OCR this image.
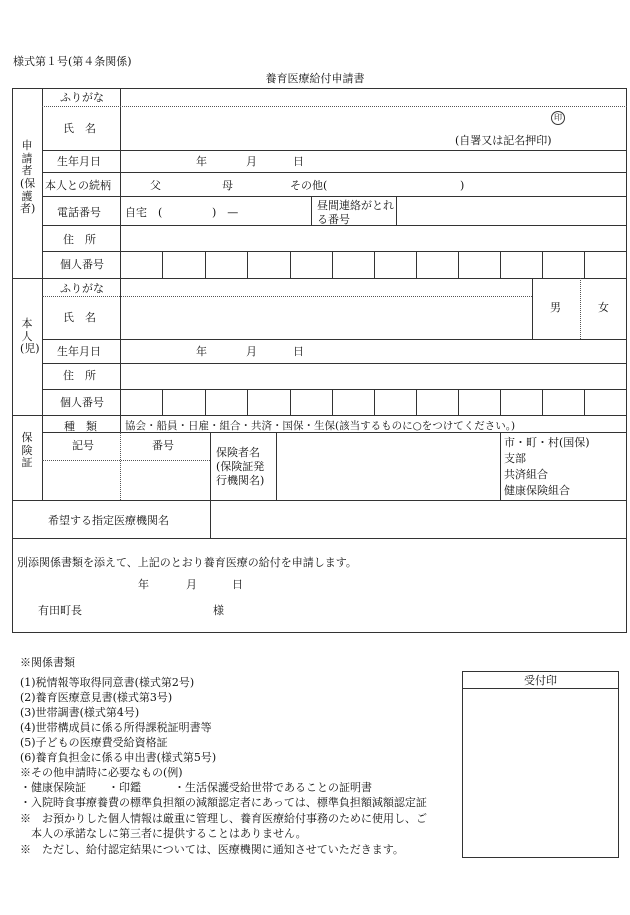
様式第１号(第４条関係)
養育医療給付申請書
申請者(保護者)
ふりがな
氏　名
印
(自署又は記名押印)
生年月日	年	月	日
本人との続柄	父	母	その他(	)
電話番号 自宅　(	)　—
昼間連絡がとれる番号
住　所
個人番号
本人(児)
ふりがな
氏　名
男	女
生年月日	年	月	日
住　所
個人番号
保険証
種　類	協会・船員・日雇・組合・共済・国保・生保(該当するものに○をつけてください。)
記号	番号
保険者名(保険証発行機関名)
市・町・村(国保)
支部
共済組合
健康保険組合
希望する指定医療機関名
別添関係書類を添えて、上記のとおり養育医療の給付を申請します。
年	月	日
有田町長	様
※関係書類
(1)税情報等取得同意書(様式第2号)
(2)養育医療意見書(様式第3号)
(3)世帯調書(様式第4号)
(4)世帯構成員に係る所得課税証明書等
(5)子どもの医療費受給資格証
(6)養育負担金に係る申出書(様式第5号)
※その他申請時に必要なもの(例)
・健康保険証　　・印鑑　　　・生活保護受給世帯であることの証明書
・入院時食事療養費の標準負担額の減額認定者にあっては、標準負担額減額認定証
※　お預かりした個人情報は厳重に管理し、養育医療給付事務のために使用し、ご
　本人の承諾なしに第三者に提供することはありません。
※　ただし、給付認定結果については、医療機関に通知させていただきます。
受付印
